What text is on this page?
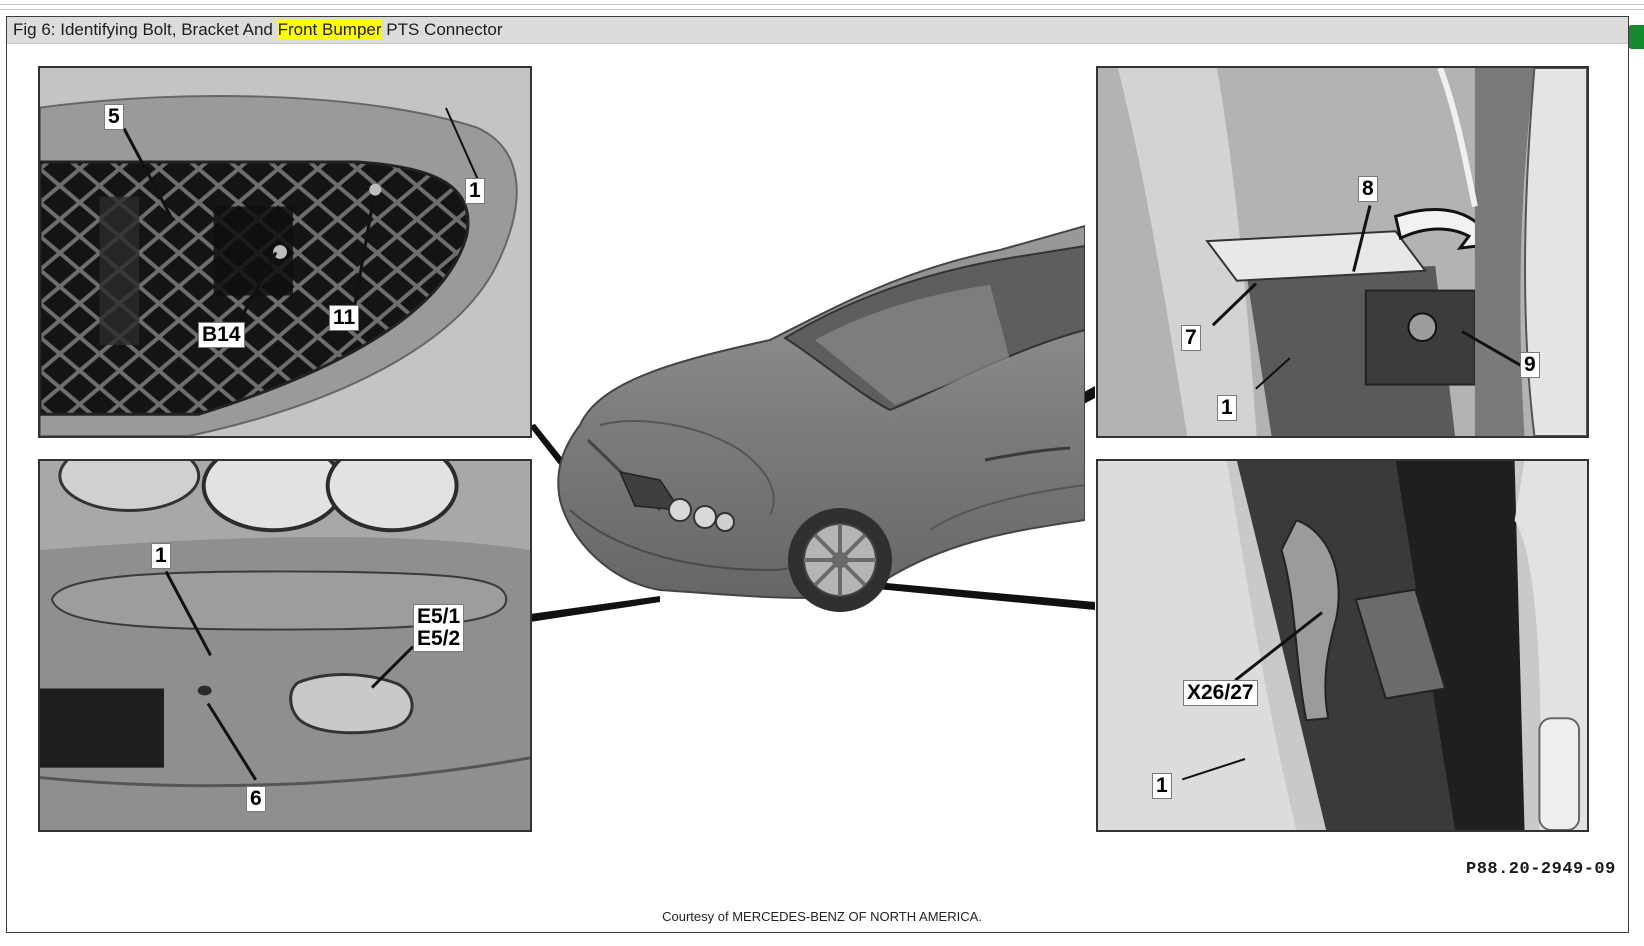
Fig 6: Identifying Bolt, Bracket And Front Bumper PTS Connector
5
1
B14
11
1
E5/1
E5/2
6
8
7
9
1
X26/27
1
P88.20-2949-09
Courtesy of MERCEDES-BENZ OF NORTH AMERICA.
